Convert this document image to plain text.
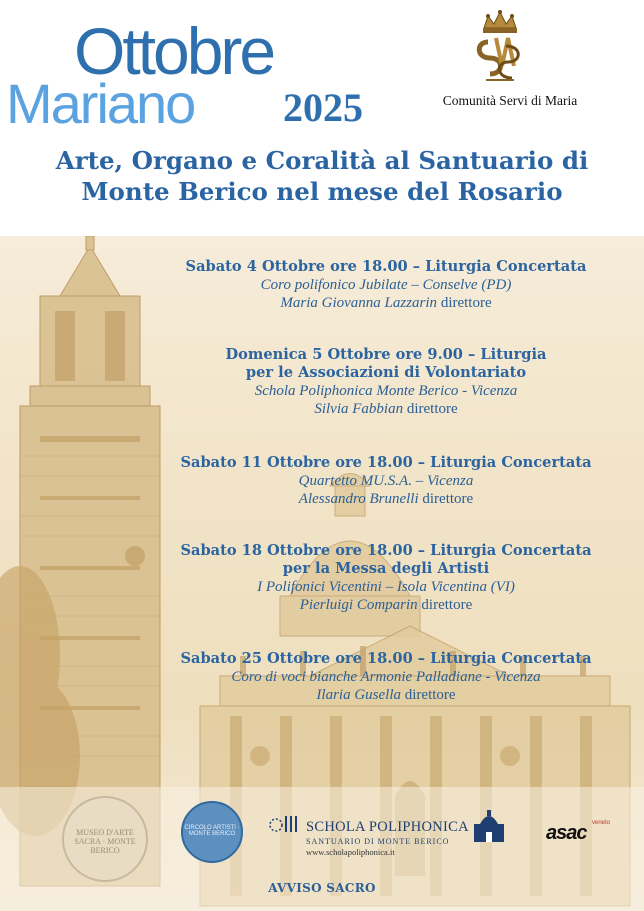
Ottobre
Mariano 2025	Comunità Servi di Maria
Arte, Organo e Coralità al Santuario di
Monte Berico nel mese del Rosario
Sabato 4 Ottobre ore 18.00 – Liturgia Concertata
Coro polifonico Jubilate – Conselve (PD)
Maria Giovanna Lazzarin direttore
Domenica 5 Ottobre ore 9.00 – Liturgia
per le Associazioni di Volontariato
Schola Poliphonica Monte Berico - Vicenza
Silvia Fabbian direttore
Sabato 11 Ottobre ore 18.00 – Liturgia Concertata
Quartetto MU.S.A. – Vicenza
Alessandro Brunelli direttore
Sabato 18 Ottobre ore 18.00 – Liturgia Concertata
per la Messa degli Artisti
I Polifonici Vicentini – Isola Vicentina (VI)
Pierluigi Comparin direttore
Sabato 25 Ottobre ore 18.00 – Liturgia Concertata
Coro di voci bianche Armonie Palladiane - Vicenza
Ilaria Gusella direttore
MUSEO D'ARTE SACRA · MONTE BERICO
CIRCOLO ARTISTI · MONTE BERICO	SCHOLA POLIPHONICA
SANTUARIO DI MONTE BERICO
www.scholapoliphonica.it
asac veneto
AVVISO SACRO
